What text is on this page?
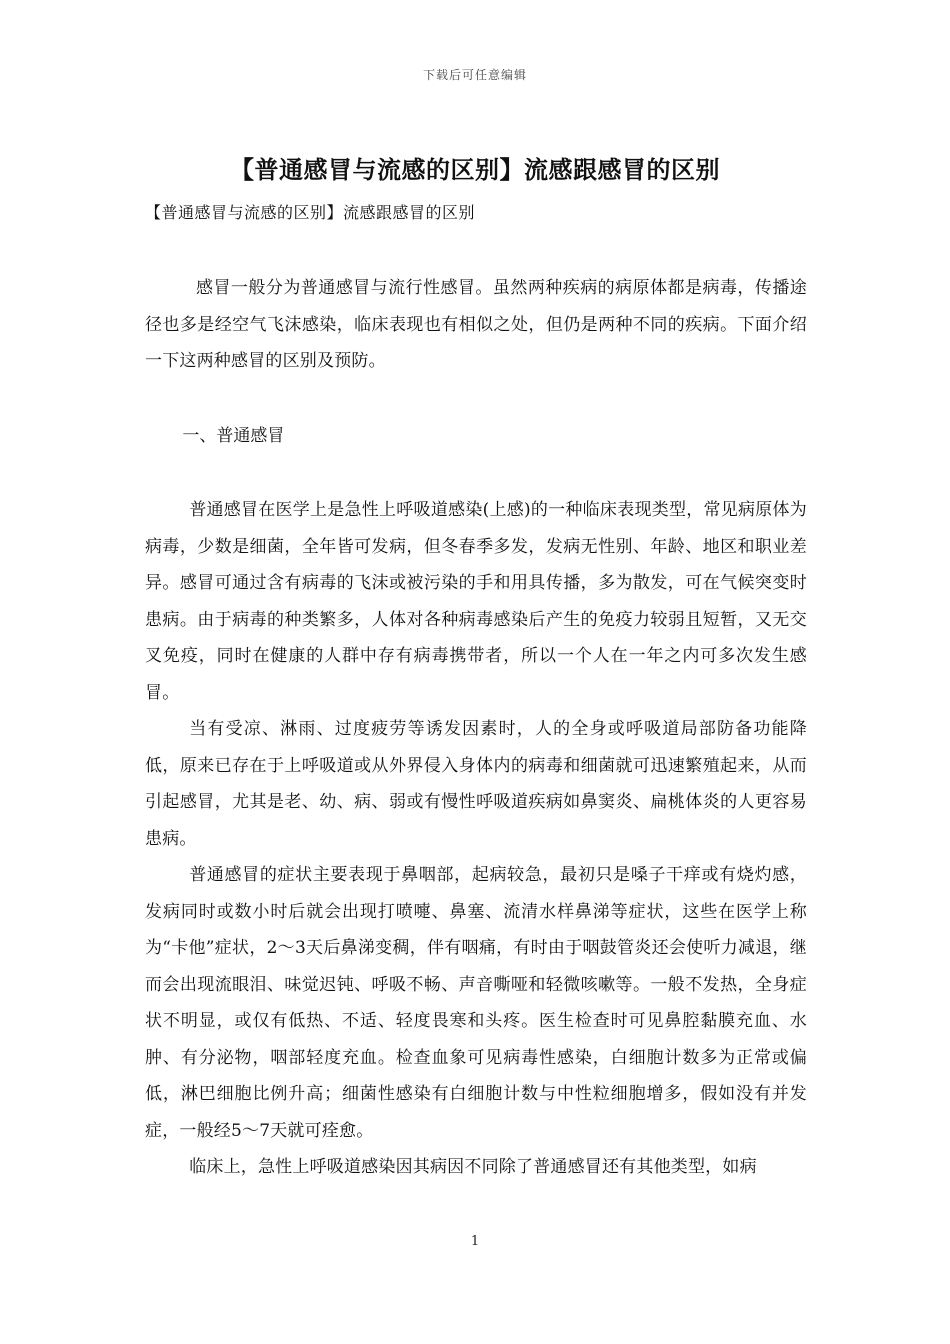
下载后可任意编辑
【普通感冒与流感的区别】流感跟感冒的区别
【普通感冒与流感的区别】流感跟感冒的区别

感冒一般分为普通感冒与流行性感冒。虽然两种疾病的病原体都是病毒，传播途径也多是经空气飞沫感染，临床表现也有相似之处，但仍是两种不同的疾病。下面介绍一下这两种感冒的区别及预防。

一、普通感冒

普通感冒在医学上是急性上呼吸道感染(上感)的一种临床表现类型，常见病原体为病毒，少数是细菌，全年皆可发病，但冬春季多发，发病无性别、年龄、地区和职业差异。感冒可通过含有病毒的飞沫或被污染的手和用具传播，多为散发，可在气候突变时患病。由于病毒的种类繁多，人体对各种病毒感染后产生的免疫力较弱且短暂，又无交叉免疫，同时在健康的人群中存有病毒携带者，所以一个人在一年之内可多次发生感冒。

当有受凉、淋雨、过度疲劳等诱发因素时，人的全身或呼吸道局部防备功能降低，原来已存在于上呼吸道或从外界侵入身体内的病毒和细菌就可迅速繁殖起来，从而引起感冒，尤其是老、幼、病、弱或有慢性呼吸道疾病如鼻窦炎、扁桃体炎的人更容易患病。

普通感冒的症状主要表现于鼻咽部，起病较急，最初只是嗓子干痒或有烧灼感，发病同时或数小时后就会出现打喷嚏、鼻塞、流清水样鼻涕等症状，这些在医学上称为“卡他”症状，2～3天后鼻涕变稠，伴有咽痛，有时由于咽鼓管炎还会使听力减退，继而会出现流眼泪、味觉迟钝、呼吸不畅、声音嘶哑和轻微咳嗽等。一般不发热，全身症状不明显，或仅有低热、不适、轻度畏寒和头疼。医生检查时可见鼻腔黏膜充血、水肿、有分泌物，咽部轻度充血。检查血象可见病毒性感染，白细胞计数多为正常或偏低，淋巴细胞比例升高；细菌性感染有白细胞计数与中性粒细胞增多，假如没有并发症，一般经5～7天就可痊愈。

临床上，急性上呼吸道感染因其病因不同除了普通感冒还有其他类型，如病

1
